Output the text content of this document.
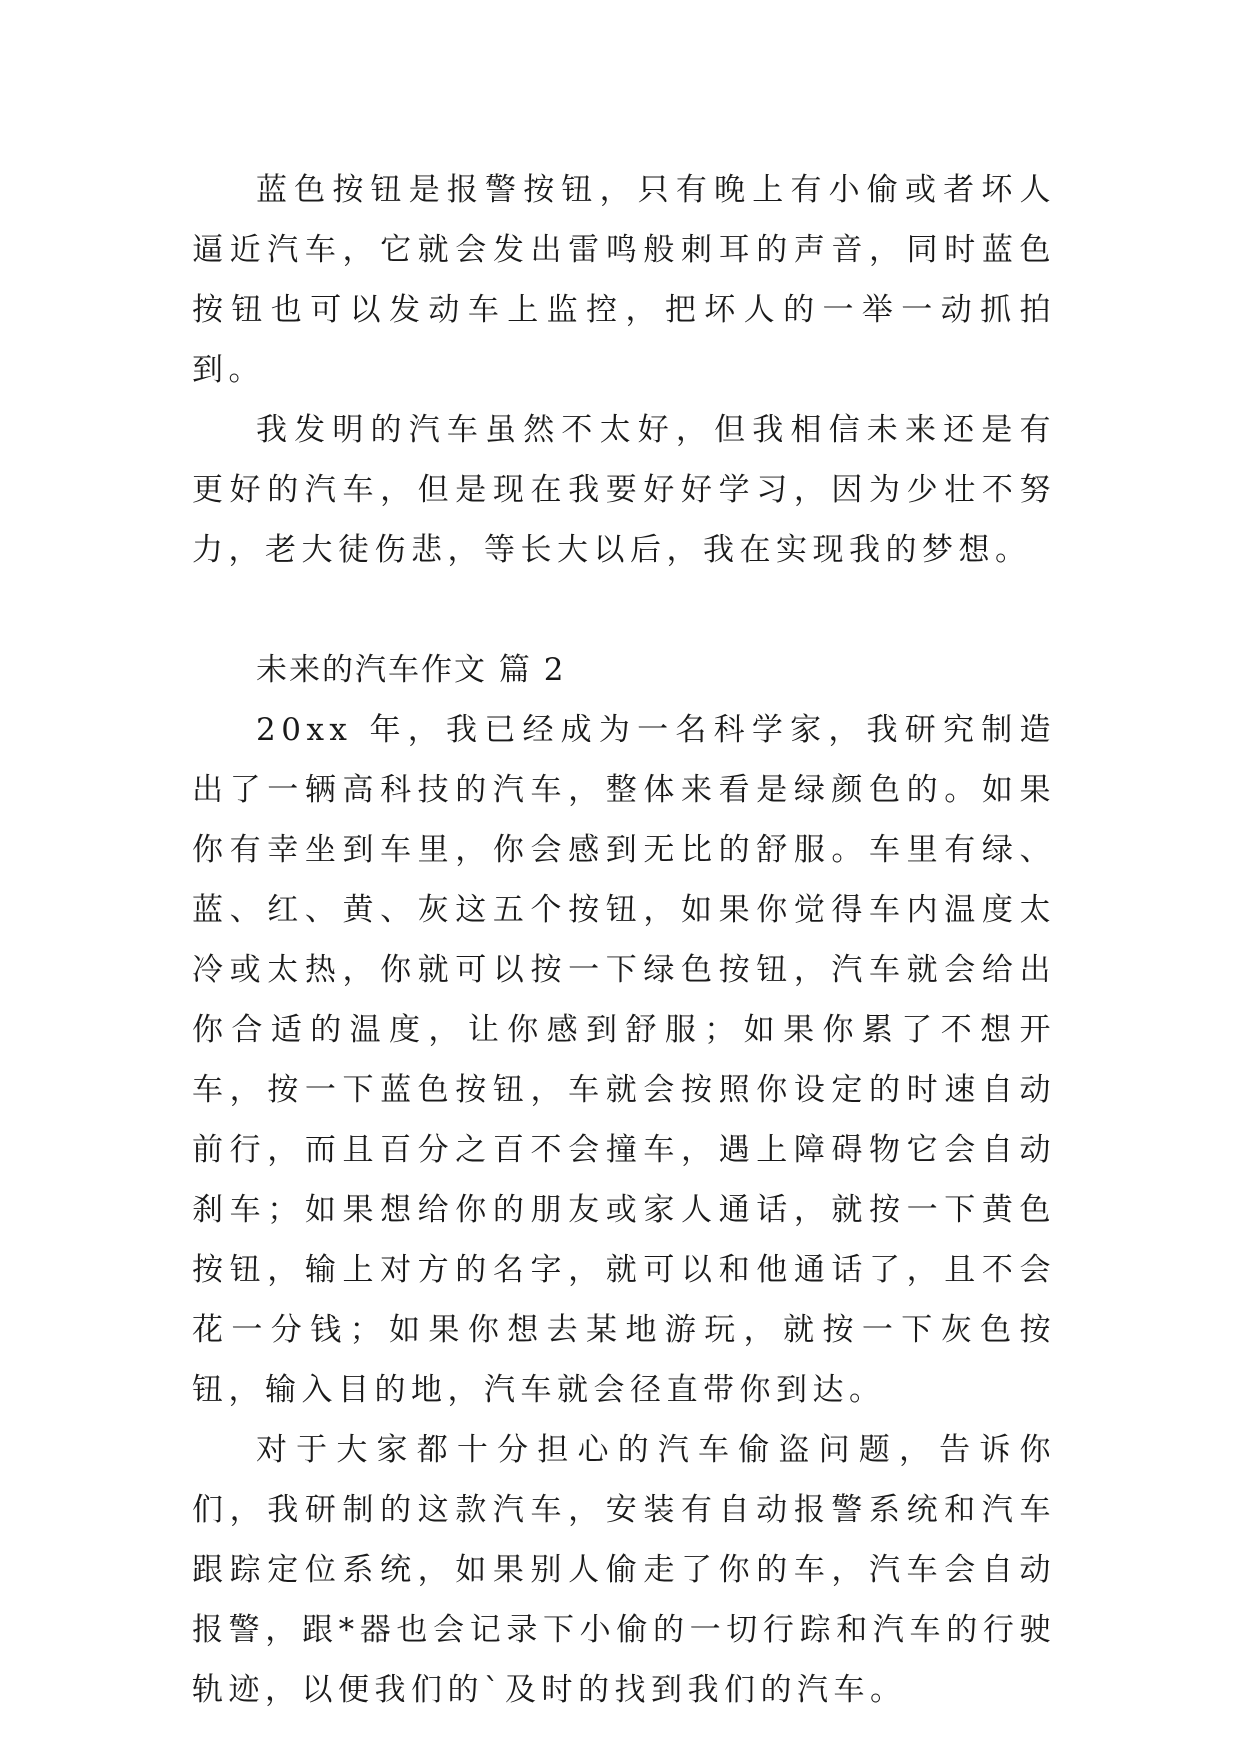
蓝色按钮是报警按钮，只有晚上有小偷或者坏人逼近汽车，它就会发出雷鸣般刺耳的声音，同时蓝色按钮也可以发动车上监控，把坏人的一举一动抓拍到。

我发明的汽车虽然不太好，但我相信未来还是有更好的汽车，但是现在我要好好学习，因为少壮不努力，老大徒伤悲，等长大以后，我在实现我的梦想。

未来的汽车作文 篇 2

20xx 年，我已经成为一名科学家，我研究制造出了一辆高科技的汽车，整体来看是绿颜色的。如果你有幸坐到车里，你会感到无比的舒服。车里有绿、蓝、红、黄、灰这五个按钮，如果你觉得车内温度太冷或太热，你就可以按一下绿色按钮，汽车就会给出你合适的温度，让你感到舒服；如果你累了不想开车，按一下蓝色按钮，车就会按照你设定的时速自动前行，而且百分之百不会撞车，遇上障碍物它会自动刹车；如果想给你的朋友或家人通话，就按一下黄色按钮，输上对方的名字，就可以和他通话了，且不会花一分钱；如果你想去某地游玩，就按一下灰色按钮，输入目的地，汽车就会径直带你到达。

对于大家都十分担心的汽车偷盗问题，告诉你们，我研制的这款汽车，安装有自动报警系统和汽车跟踪定位系统，如果别人偷走了你的车，汽车会自动报警，跟*器也会记录下小偷的一切行踪和汽车的行驶轨迹，以便我们的`及时的找到我们的汽车。
